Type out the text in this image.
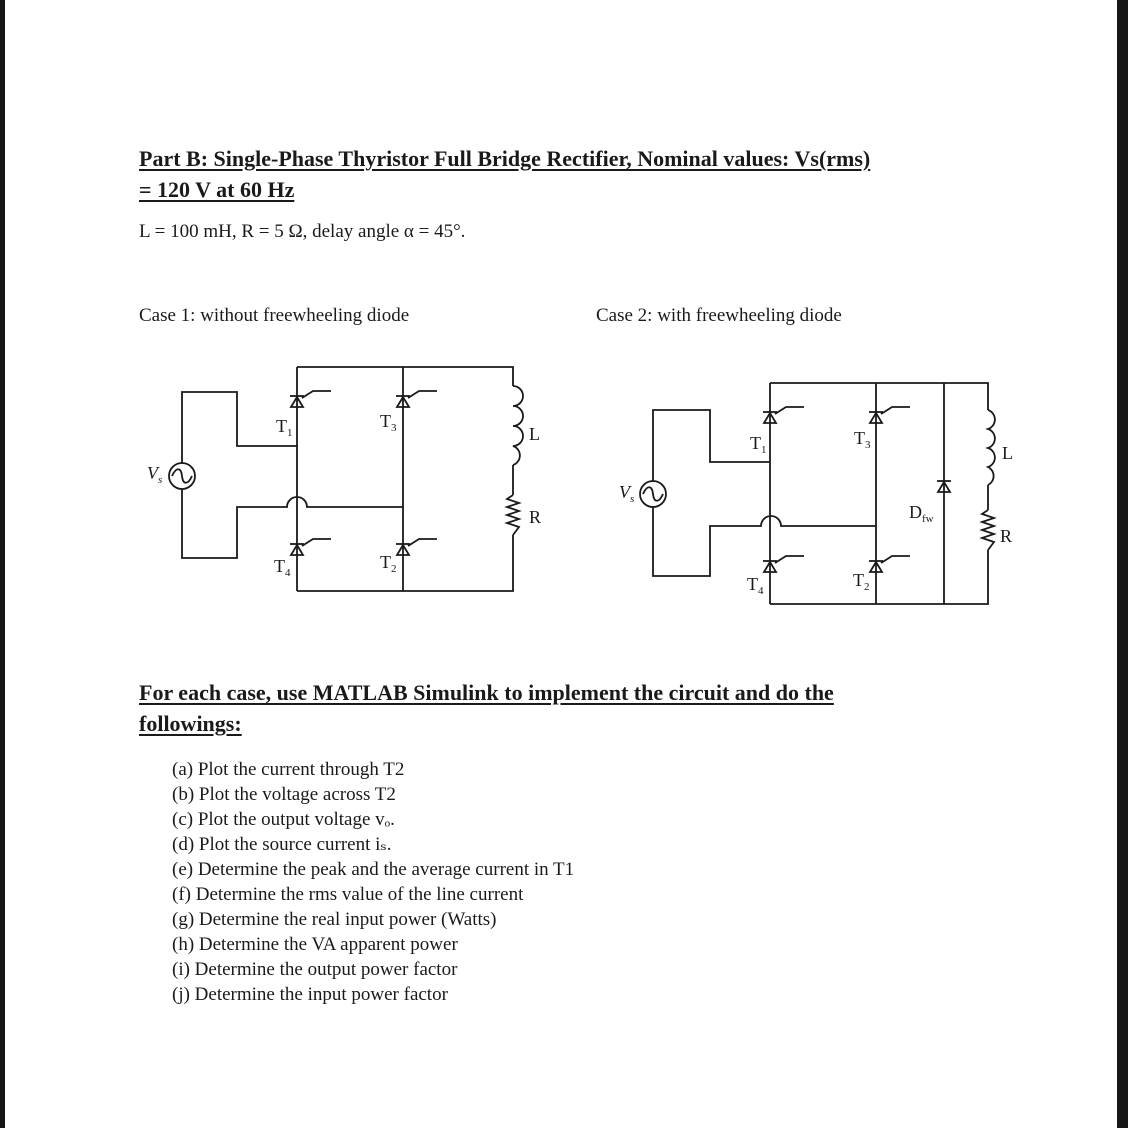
Part B: Single-Phase Thyristor Full Bridge Rectifier, Nominal values: Vs(rms)
= 120 V at 60 Hz
L = 100 mH, R = 5 Ω, delay angle α = 45°.
Case 1: without freewheeling diode	Case 2: with freewheeling diode
$V_s$
$T_1$
$T_3$
$T_4$
$T_2$
L
R
$V_s$
$T_1$
$T_3$
$T_4$
$T_2$
$D_{fw}$
L
R
For each case, use MATLAB Simulink to implement the circuit and do the
followings:
(a) Plot the current through T2
(b) Plot the voltage across T2
(c) Plot the output voltage vₒ.
(d) Plot the source current iₛ.
(e) Determine the peak and the average current in T1
(f) Determine the rms value of the line current
(g) Determine the real input power (Watts)
(h) Determine the VA apparent power
(i) Determine the output power factor
(j) Determine the input power factor
